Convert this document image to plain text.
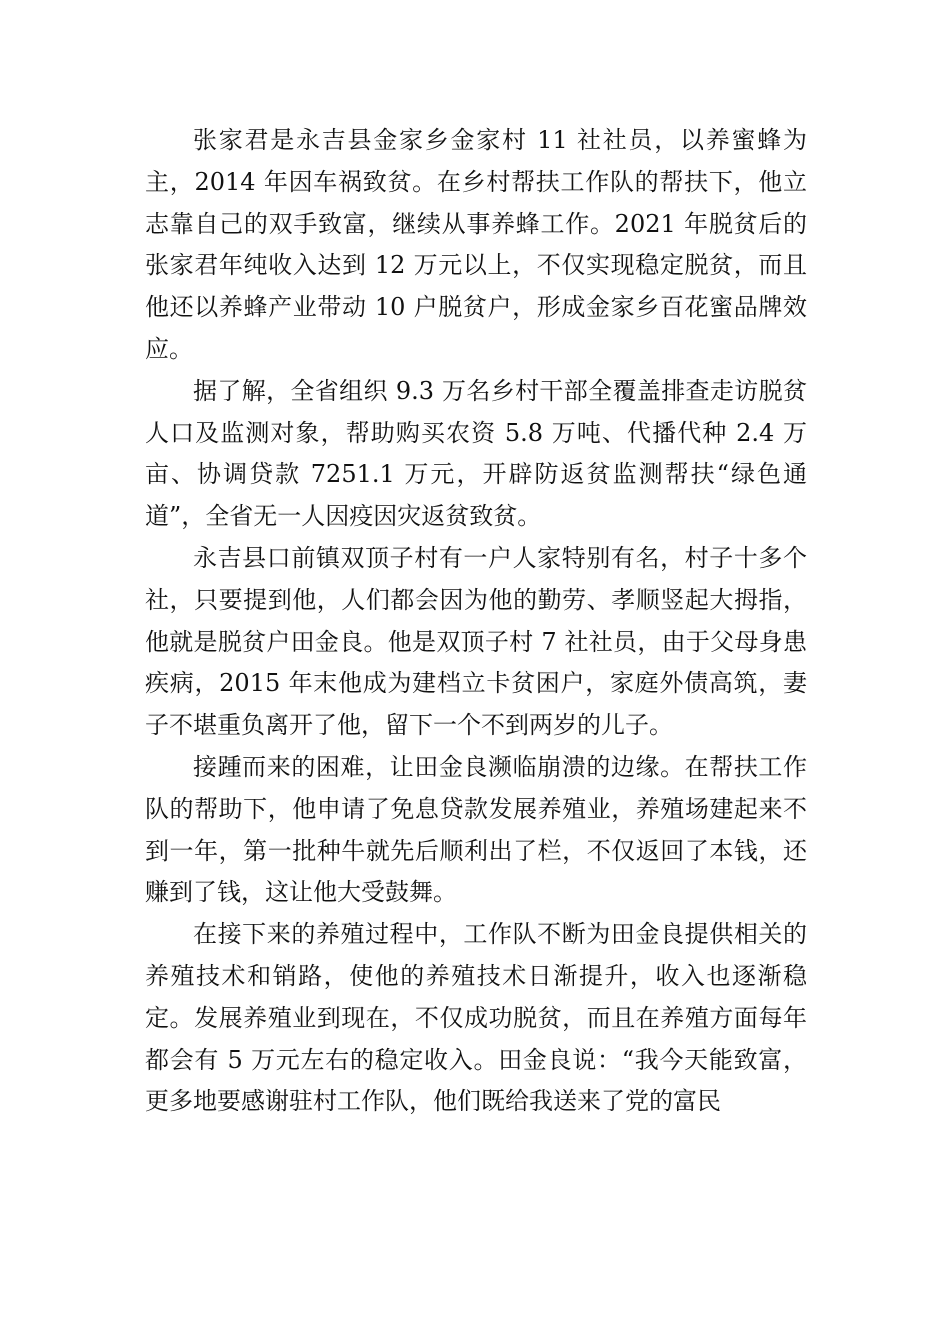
张家君是永吉县金家乡金家村 11 社社员，以养蜜蜂为主，2014 年因车祸致贫。在乡村帮扶工作队的帮扶下，他立志靠自己的双手致富，继续从事养蜂工作。2021 年脱贫后的张家君年纯收入达到 12 万元以上，不仅实现稳定脱贫，而且他还以养蜂产业带动 10 户脱贫户，形成金家乡百花蜜品牌效应。

据了解，全省组织 9.3 万名乡村干部全覆盖排查走访脱贫人口及监测对象，帮助购买农资 5.8 万吨、代播代种 2.4 万亩、协调贷款 7251.1 万元，开辟防返贫监测帮扶“绿色通道”，全省无一人因疫因灾返贫致贫。

永吉县口前镇双顶子村有一户人家特别有名，村子十多个社，只要提到他，人们都会因为他的勤劳、孝顺竖起大拇指，他就是脱贫户田金良。他是双顶子村 7 社社员，由于父母身患疾病，2015 年末他成为建档立卡贫困户，家庭外债高筑，妻子不堪重负离开了他，留下一个不到两岁的儿子。

接踵而来的困难，让田金良濒临崩溃的边缘。在帮扶工作队的帮助下，他申请了免息贷款发展养殖业，养殖场建起来不到一年，第一批种牛就先后顺利出了栏，不仅返回了本钱，还赚到了钱，这让他大受鼓舞。

在接下来的养殖过程中，工作队不断为田金良提供相关的养殖技术和销路，使他的养殖技术日渐提升，收入也逐渐稳定。发展养殖业到现在，不仅成功脱贫，而且在养殖方面每年都会有 5 万元左右的稳定收入。田金良说：“我今天能致富，更多地要感谢驻村工作队，他们既给我送来了党的富民
